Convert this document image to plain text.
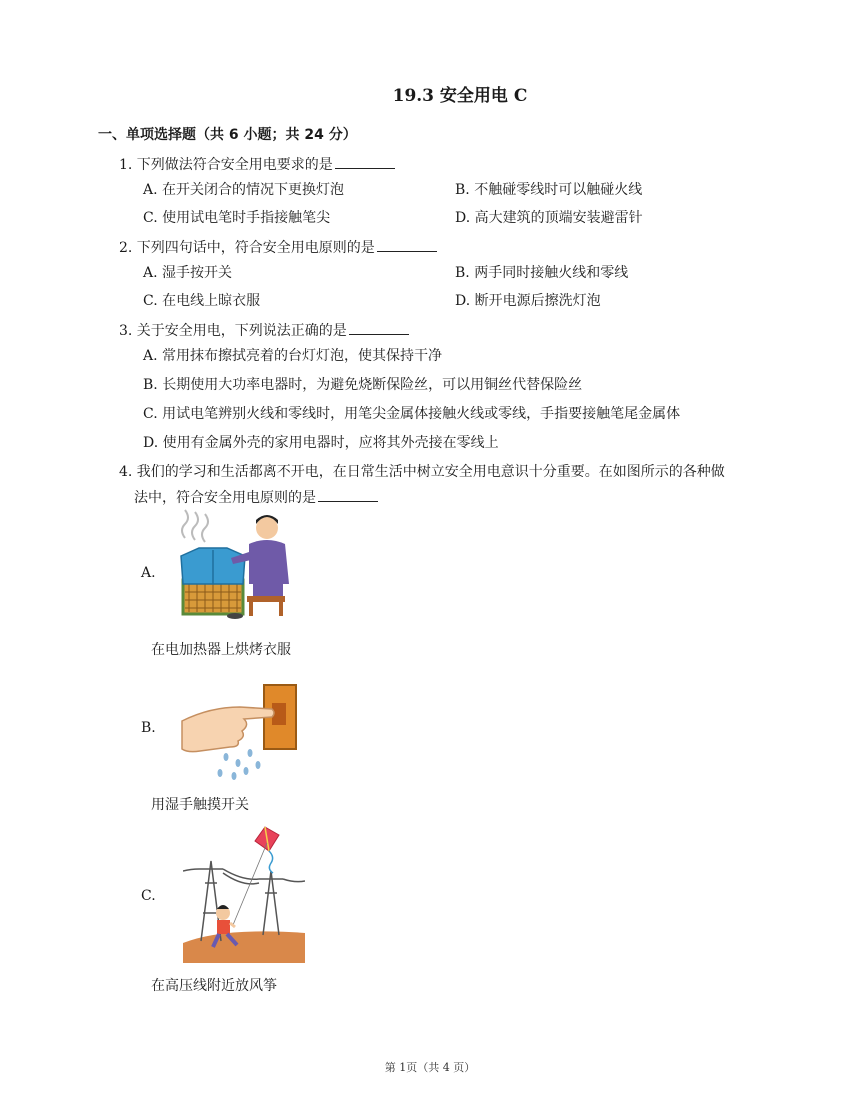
19.3 安全用电 C
一、单项选择题（共 6 小题；共 24 分）
1. 下列做法符合安全用电要求的是
A. 在开关闭合的情况下更换灯泡	B. 不触碰零线时可以触碰火线
C. 使用试电笔时手指接触笔尖	D. 高大建筑的顶端安装避雷针
2. 下列四句话中，符合安全用电原则的是
A. 湿手按开关	B. 两手同时接触火线和零线
C. 在电线上晾衣服	D. 断开电源后擦洗灯泡
3. 关于安全用电，下列说法正确的是
A. 常用抹布擦拭亮着的台灯灯泡，使其保持干净
B. 长期使用大功率电器时，为避免烧断保险丝，可以用铜丝代替保险丝
C. 用试电笔辨别火线和零线时，用笔尖金属体接触火线或零线，手指要接触笔尾金属体
D. 使用有金属外壳的家用电器时，应将其外壳接在零线上
4. 我们的学习和生活都离不开电，在日常生活中树立安全用电意识十分重要。在如图所示的各种做
法中，符合安全用电原则的是
A.
在电加热器上烘烤衣服
B.
用湿手触摸开关
C.
在高压线附近放风筝
第 1页（共 4 页）
